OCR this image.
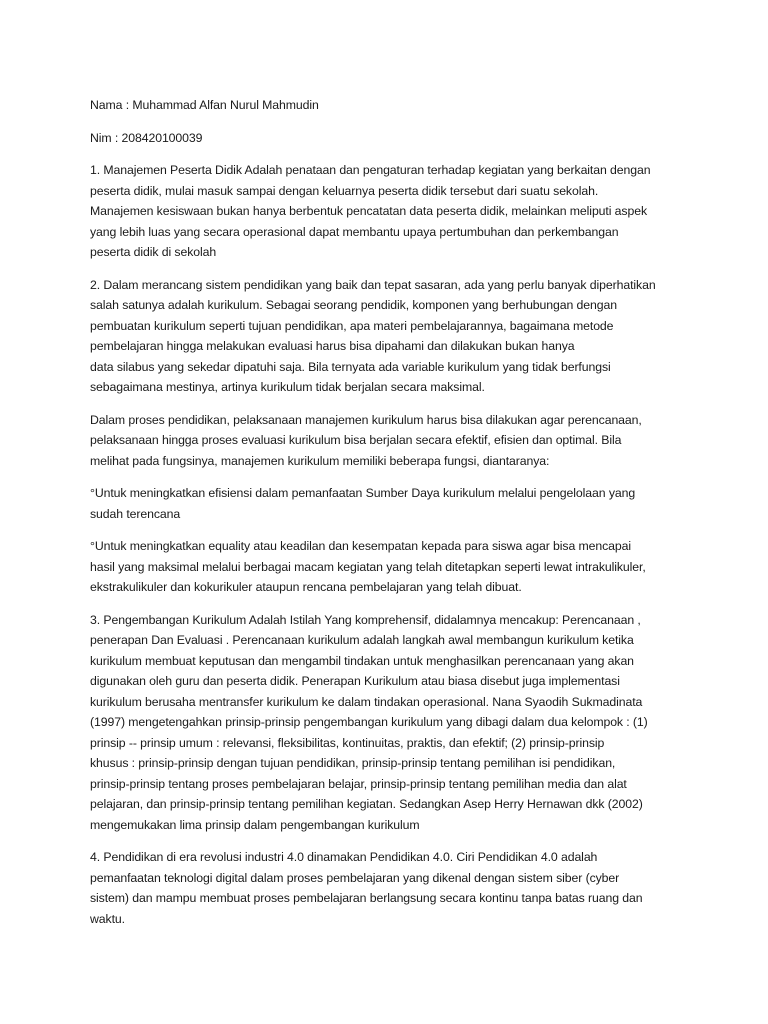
Nama : Muhammad Alfan Nurul Mahmudin

Nim : 208420100039

1. Manajemen Peserta Didik Adalah penataan dan pengaturan terhadap kegiatan yang berkaitan dengan
peserta didik, mulai masuk sampai dengan keluarnya peserta didik tersebut dari suatu sekolah.
Manajemen kesiswaan bukan hanya berbentuk pencatatan data peserta didik, melainkan meliputi aspek
yang lebih luas yang secara operasional dapat membantu upaya pertumbuhan dan perkembangan
peserta didik di sekolah

2. Dalam merancang sistem pendidikan yang baik dan tepat sasaran, ada yang perlu banyak diperhatikan
salah satunya adalah kurikulum. Sebagai seorang pendidik, komponen yang berhubungan dengan
pembuatan kurikulum seperti tujuan pendidikan, apa materi pembelajarannya, bagaimana metode
pembelajaran hingga melakukan evaluasi harus bisa dipahami dan dilakukan bukan hanya
data silabus yang sekedar dipatuhi saja. Bila ternyata ada variable kurikulum yang tidak berfungsi
sebagaimana mestinya, artinya kurikulum tidak berjalan secara maksimal.

Dalam proses pendidikan, pelaksanaan manajemen kurikulum harus bisa dilakukan agar perencanaan,
pelaksanaan hingga proses evaluasi kurikulum bisa berjalan secara efektif, efisien dan optimal. Bila
melihat pada fungsinya, manajemen kurikulum memiliki beberapa fungsi, diantaranya:

°Untuk meningkatkan efisiensi dalam pemanfaatan Sumber Daya kurikulum melalui pengelolaan yang
sudah terencana

°Untuk meningkatkan equality atau keadilan dan kesempatan kepada para siswa agar bisa mencapai
hasil yang maksimal melalui berbagai macam kegiatan yang telah ditetapkan seperti lewat intrakulikuler,
ekstrakulikuler dan kokurikuler ataupun rencana pembelajaran yang telah dibuat.

3. Pengembangan Kurikulum Adalah Istilah Yang komprehensif, didalamnya mencakup: Perencanaan ,
penerapan Dan Evaluasi . Perencanaan kurikulum adalah langkah awal membangun kurikulum ketika
kurikulum membuat keputusan dan mengambil tindakan untuk menghasilkan perencanaan yang akan
digunakan oleh guru dan peserta didik. Penerapan Kurikulum atau biasa disebut juga implementasi
kurikulum berusaha mentransfer kurikulum ke dalam tindakan operasional. Nana Syaodih Sukmadinata
(1997) mengetengahkan prinsip-prinsip pengembangan kurikulum yang dibagi dalam dua kelompok : (1)
prinsip -- prinsip umum : relevansi, fleksibilitas, kontinuitas, praktis, dan efektif; (2) prinsip-prinsip
khusus : prinsip-prinsip dengan tujuan pendidikan, prinsip-prinsip tentang pemilihan isi pendidikan,
prinsip-prinsip tentang proses pembelajaran belajar, prinsip-prinsip tentang pemilihan media dan alat
pelajaran, dan prinsip-prinsip tentang pemilihan kegiatan. Sedangkan Asep Herry Hernawan dkk (2002)
mengemukakan lima prinsip dalam pengembangan kurikulum

4. Pendidikan di era revolusi industri 4.0 dinamakan Pendidikan 4.0. Ciri Pendidikan 4.0 adalah
pemanfaatan teknologi digital dalam proses pembelajaran yang dikenal dengan sistem siber (cyber
sistem) dan mampu membuat proses pembelajaran berlangsung secara kontinu tanpa batas ruang dan
waktu.
